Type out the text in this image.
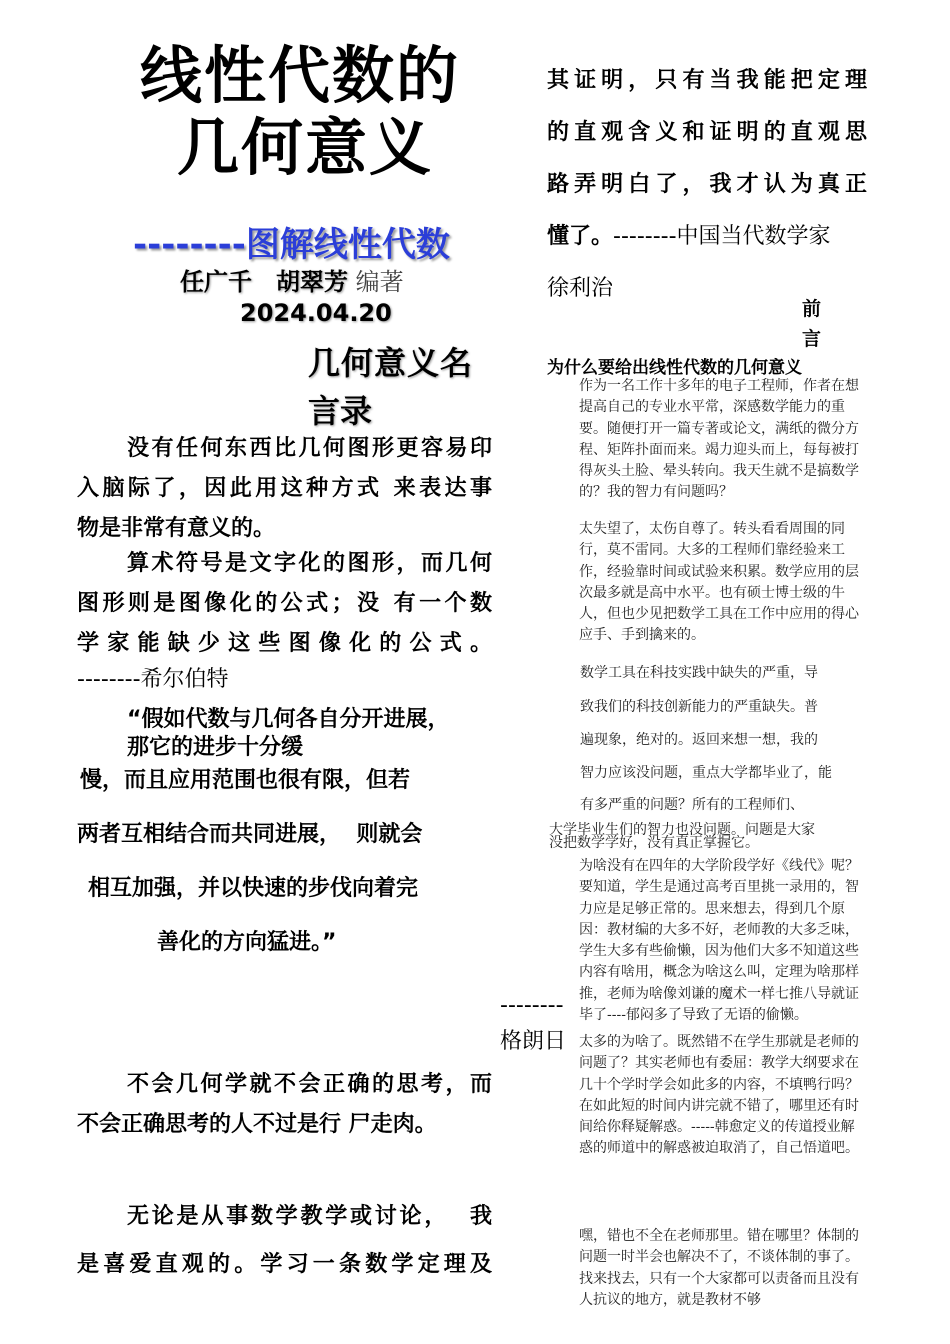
线性代数的
几何意义
--------图解线性代数
任广千　胡翠芳 编著
2024.04.20
几何意义名
言录
没有任何东西比几何图形更容易印
入脑际了，因此用这种方式 来表达事
物是非常有意义的。
算术符号是文字化的图形，而几何
图形则是图像化的公式；没 有一个数
学家能缺少这些图像化的公式。
--------希尔伯特
“假如代数与几何各自分开进展，
那它的进步十分缓
慢，而且应用范围也很有限，但若
两者互相结合而共同进展，  则就会
相互加强，并以快速的步伐向着完
善化的方向猛进。”
--------
格朗日
不会几何学就不会正确的思考，而
不会正确思考的人不过是行 尸走肉。
无论是从事数学教学或讨论，  我
是喜爱直观的。学习一条数学定理及
其证明，只有当我能把定理
的直观含义和证明的直观思
路弄明白了，我才认为真正
懂了。--------中国当代数学家
徐利治
前
言
为什么要给出线性代数的几何意义
作为一名工作十多年的电子工程师，作者在想提高自己的专业水平常，深感数学能力的重要。随便打开一篇专著或论文，满纸的微分方程、矩阵扑面而来。竭力迎头而上，每每被打得灰头土脸、晕头转向。我天生就不是搞数学的？我的智力有问题吗？
太失望了，太伤自尊了。转头看看周围的同行，莫不雷同。大多的工程师们靠经验来工作，经验靠时间或试验来积累。数学应用的层次最多就是高中水平。也有硕士博士级的牛人，但也少见把数学工具在工作中应用的得心应手、手到擒来的。
数学工具在科技实践中缺失的严重，导
致我们的科技创新能力的严重缺失。普
遍现象，绝对的。返回来想一想，我的
智力应该没问题，重点大学都毕业了，能
有多严重的问题？所有的工程师们、
大学毕业生们的智力也没问题。问题是大家
没把数学学好，没有真正掌握它。
为啥没有在四年的大学阶段学好《线代》呢？要知道，学生是通过高考百里挑一录用的，智力应是足够正常的。思来想去，得到几个原因：教材编的大多不好，老师教的大多乏味，学生大多有些偷懒，因为他们大多不知道这些内容有啥用，概念为啥这么叫，定理为啥那样推，老师为啥像刘谦的魔术一样七推八导就证毕了----郁闷多了导致了无语的偷懒。
太多的为啥了。既然错不在学生那就是老师的问题了？其实老师也有委屈：教学大纲要求在几十个学时学会如此多的内容，不填鸭行吗？在如此短的时间内讲完就不错了，哪里还有时间给你释疑解惑。-----韩愈定义的传道授业解惑的师道中的解惑被迫取消了，自己悟道吧。
嘿，错也不全在老师那里。错在哪里？体制的问题一时半会也解决不了，不谈体制的事了。找来找去，只有一个大家都可以责备而且没有人抗议的地方，就是教材不够
